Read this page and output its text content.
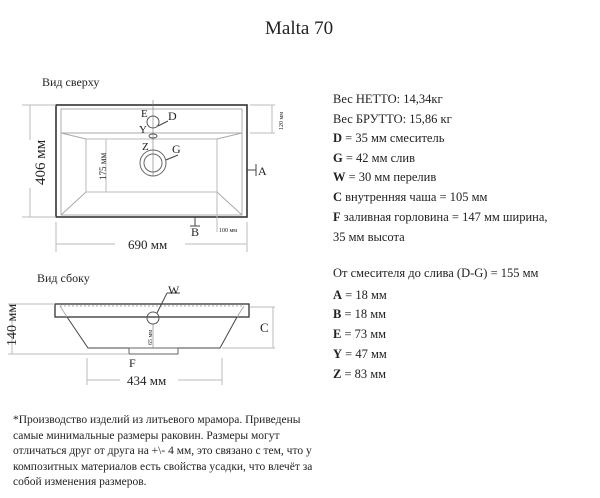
Malta 70
Вид сверху
Вид сбоку
E D
Y
Z G
A
B	100 мм
690 мм
406 мм
120 мм
175 мм
W
C
F
434 мм
140 мм	65 мм
Вес НЕТТО: 14,34кг
Вес БРУТТО: 15,86 кг
D = 35 мм смеситель
G = 42 мм слив
W = 30 мм перелив
C внутренняя чаша = 105 мм
F заливная горловина = 147 мм ширина,
35 мм высота
От смесителя до слива (D-G) = 155 мм
A = 18 мм
B = 18 мм
E = 73 мм
Y = 47 мм
Z = 83 мм
*Производство изделий из литьевого мрамора. Приведены самые минимальные размеры раковин. Размеры могут отличаться друг от друга на +\- 4 мм, это связано с тем, что у композитных материалов есть свойства усадки, что влечёт за собой изменения размеров.
